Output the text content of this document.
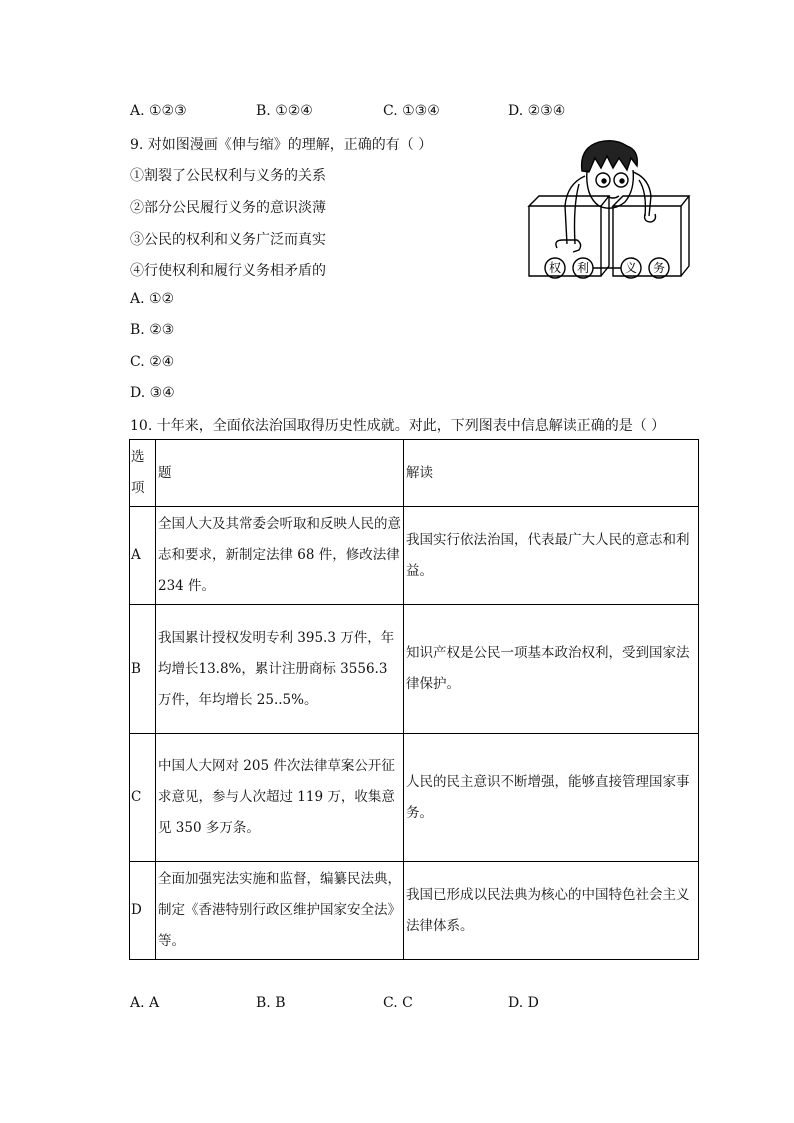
A. ①②③	B. ①②④	C. ①③④	D. ②③④
9. 对如图漫画《伸与缩》的理解，正确的有（ ）
①割裂了公民权利与义务的关系
②部分公民履行义务的意识淡薄
③公民的权利和义务广泛而真实
④行使权利和履行义务相矛盾的
A. ①②
B. ②③
C. ②④
D. ③④
权 利	义 务
10. 十年来，全面依法治国取得历史性成就。对此，下列图表中信息解读正确的是（ ）
选项	题	解读
A	全国人大及其常委会听取和反映人民的意志和要求，新制定法律 68 件，修改法律 234 件。	我国实行依法治国，代表最广大人民的意志和利益。
B	我国累计授权发明专利 395.3 万件，年均增长13.8%，累计注册商标 3556.3 万件，年均增长 25..5%。	知识产权是公民一项基本政治权利，受到国家法律保护。
C	中国人大网对 205 件次法律草案公开征求意见，参与人次超过 119 万，收集意见 350 多万条。	人民的民主意识不断增强，能够直接管理国家事务。
D	全面加强宪法实施和监督，编纂民法典，制定《香港特别行政区维护国家安全法》等。	我国已形成以民法典为核心的中国特色社会主义法律体系。
A. A	B. B	C. C	D. D
